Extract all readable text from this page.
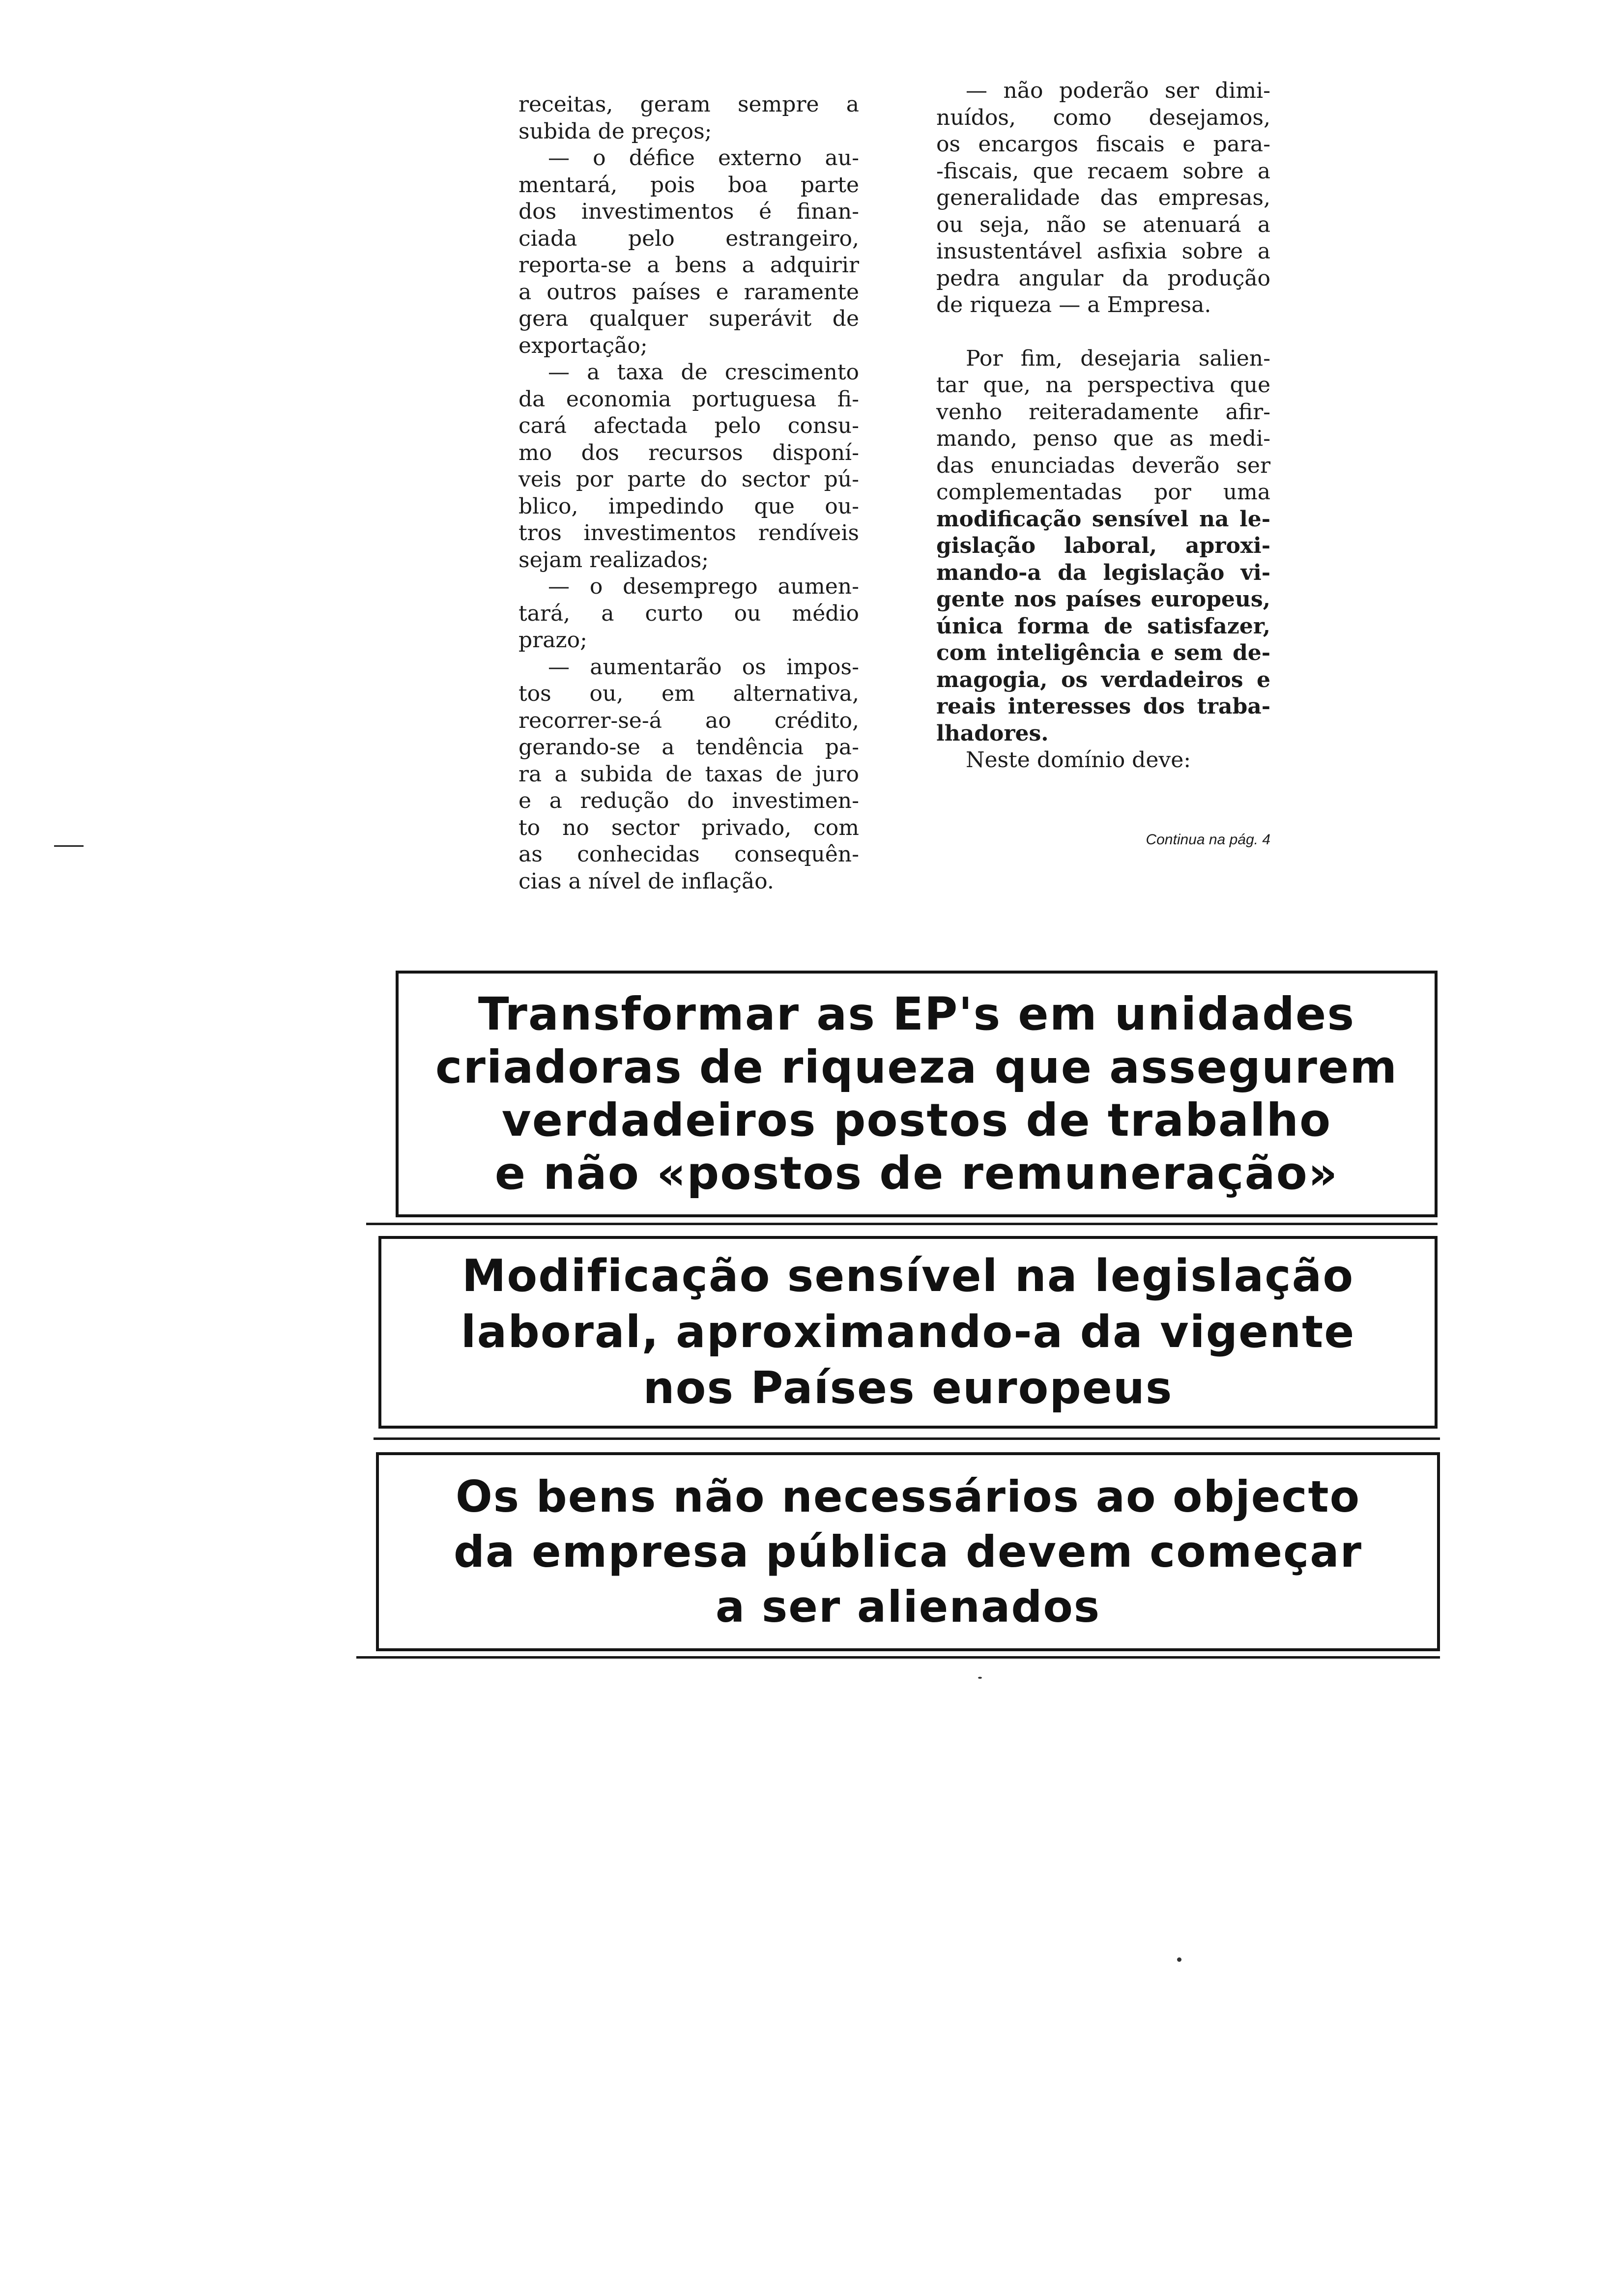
receitas, geram sempre a
subida de preços;
— o défice externo au-
mentará, pois boa parte
dos investimentos é finan-
ciada pelo estrangeiro,
reporta-se a bens a adquirir
a outros países e raramente
gera qualquer superávit de
exportação;
— a taxa de crescimento
da economia portuguesa fi-
cará afectada pelo consu-
mo dos recursos disponí-
veis por parte do sector pú-
blico, impedindo que ou-
tros investimentos rendíveis
sejam realizados;
— o desemprego aumen-
tará, a curto ou médio
prazo;
— aumentarão os impos-
tos ou, em alternativa,
recorrer-se-á ao crédito,
gerando-se a tendência pa-
ra a subida de taxas de juro
e a redução do investimen-
to no sector privado, com
as conhecidas consequên-
cias a nível de inflação.
— não poderão ser dimi-
nuídos, como desejamos,
os encargos fiscais e para-
-fiscais, que recaem sobre a
generalidade das empresas,
ou seja, não se atenuará a
insustentável asfixia sobre a
pedra angular da produção
de riqueza — a Empresa.
Por fim, desejaria salien-
tar que, na perspectiva que
venho reiteradamente afir-
mando, penso que as medi-
das enunciadas deverão ser
complementadas por uma
modificação sensível na le-
gislação laboral, aproxi-
mando-a da legislação vi-
gente nos países europeus,
única forma de satisfazer,
com inteligência e sem de-
magogia, os verdadeiros e
reais interesses dos traba-
lhadores.
Neste domínio deve:
Continua na pág. 4
Transformar as EP's em unidades
criadoras de riqueza que assegurem
verdadeiros postos de trabalho
e não «postos de remuneração»
Modificação sensível na legislação
laboral, aproximando-a da vigente
nos Países europeus
Os bens não necessários ao objecto
da empresa pública devem começar
a ser alienados
